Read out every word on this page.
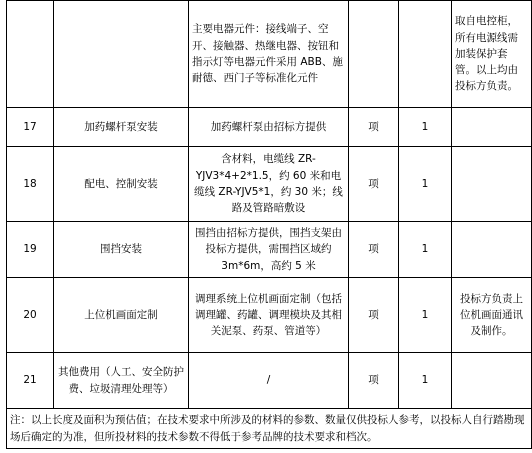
		主要电器元件：接线端子、空开、接触器、热继电器、按钮和指示灯等电器元件采用 ABB、施耐德、西门子等标准化元件			取自电控柜，所有电源线需加装保护套管。以上均由投标方负责。
17	加药螺杆泵安装	加药螺杆泵由招标方提供	项	1	
18	配电、控制安装	含材料，电缆线 ZR-YJV3*4+2*1.5，约 60 米和电缆线 ZR-YJV5*1，约 30 米；线路及管路暗敷设	项	1	
19	围挡安装	围挡由招标方提供，围挡支架由投标方提供，需围挡区域约 3m*6m，高约 5 米	项	1	
20	上位机画面定制	调理系统上位机画面定制（包括调理罐、药罐、调理模块及其相关泥泵、药泵、管道等）	项	1	投标方负责上位机画面通讯及制作。
21	其他费用（人工、安全防护费、垃圾清理处理等）	/	项	1	
注：以上长度及面积为预估值；在技术要求中所涉及的材料的参数、数量仅供投标人参考，以投标人自行踏勘现场后确定的为准，但所投材料的技术参数不得低于参考品牌的技术要求和档次。					
